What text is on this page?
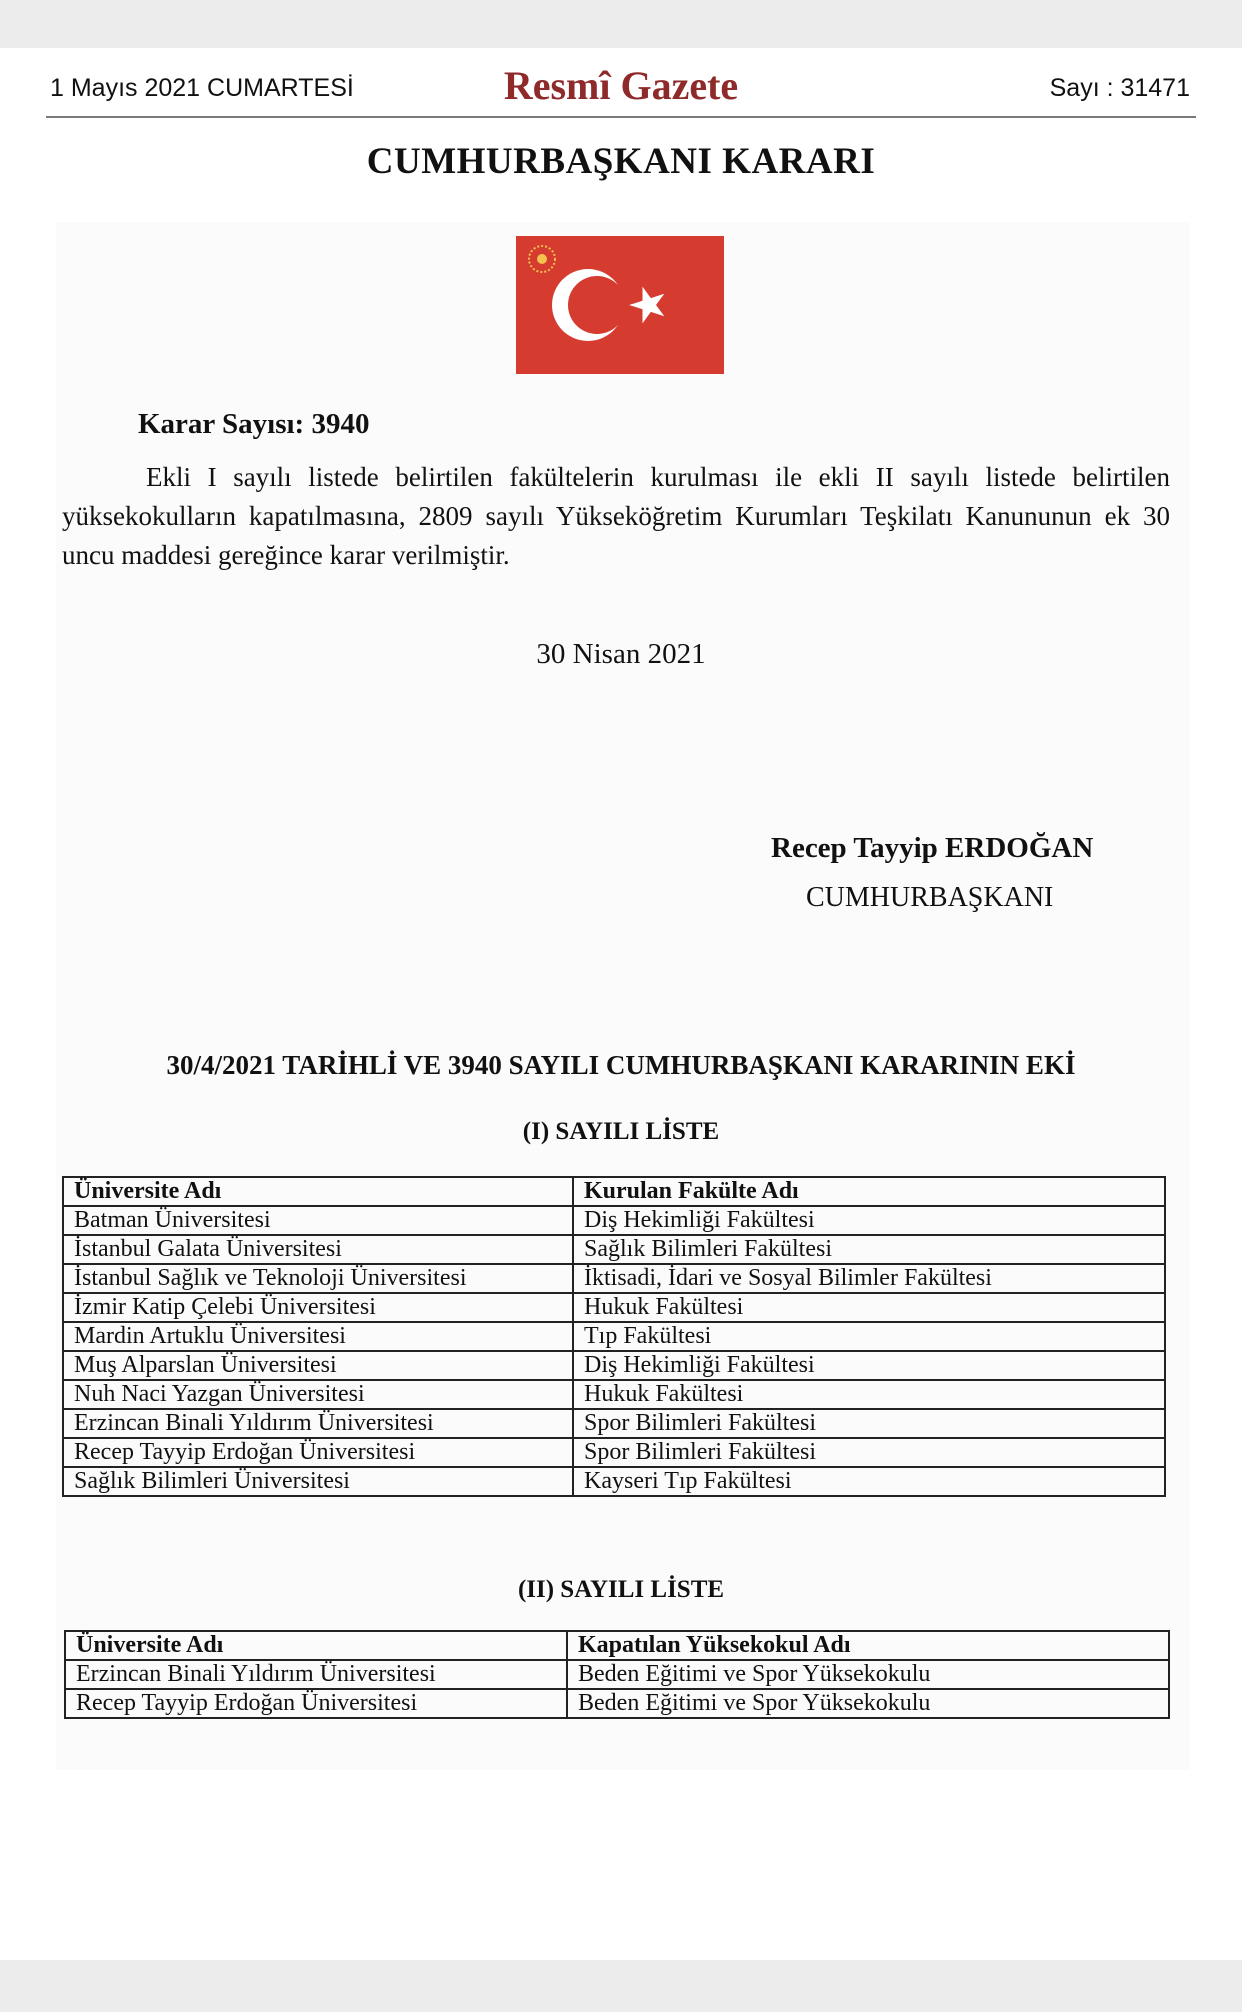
1 Mayıs 2021 CUMARTESİ	Resmî Gazete	Sayı : 31471
CUMHURBAŞKANI KARARI
Karar Sayısı: 3940
Ekli I sayılı listede belirtilen fakültelerin kurulması ile ekli II sayılı listede belirtilen yüksekokulların kapatılmasına, 2809 sayılı Yükseköğretim Kurumları Teşkilatı Kanununun ek 30 uncu maddesi gereğince karar verilmiştir.
30 Nisan 2021
Recep Tayyip ERDOĞAN
CUMHURBAŞKANI
30/4/2021 TARİHLİ VE 3940 SAYILI CUMHURBAŞKANI KARARININ EKİ
(I) SAYILI LİSTE
Üniversite Adı	Kurulan Fakülte Adı
Batman Üniversitesi	Diş Hekimliği Fakültesi
İstanbul Galata Üniversitesi	Sağlık Bilimleri Fakültesi
İstanbul Sağlık ve Teknoloji Üniversitesi	İktisadi, İdari ve Sosyal Bilimler Fakültesi
İzmir Katip Çelebi Üniversitesi	Hukuk Fakültesi
Mardin Artuklu Üniversitesi	Tıp Fakültesi
Muş Alparslan Üniversitesi	Diş Hekimliği Fakültesi
Nuh Naci Yazgan Üniversitesi	Hukuk Fakültesi
Erzincan Binali Yıldırım Üniversitesi	Spor Bilimleri Fakültesi
Recep Tayyip Erdoğan Üniversitesi	Spor Bilimleri Fakültesi
Sağlık Bilimleri Üniversitesi	Kayseri Tıp Fakültesi
(II) SAYILI LİSTE
Üniversite Adı	Kapatılan Yüksekokul Adı
Erzincan Binali Yıldırım Üniversitesi	Beden Eğitimi ve Spor Yüksekokulu
Recep Tayyip Erdoğan Üniversitesi	Beden Eğitimi ve Spor Yüksekokulu
